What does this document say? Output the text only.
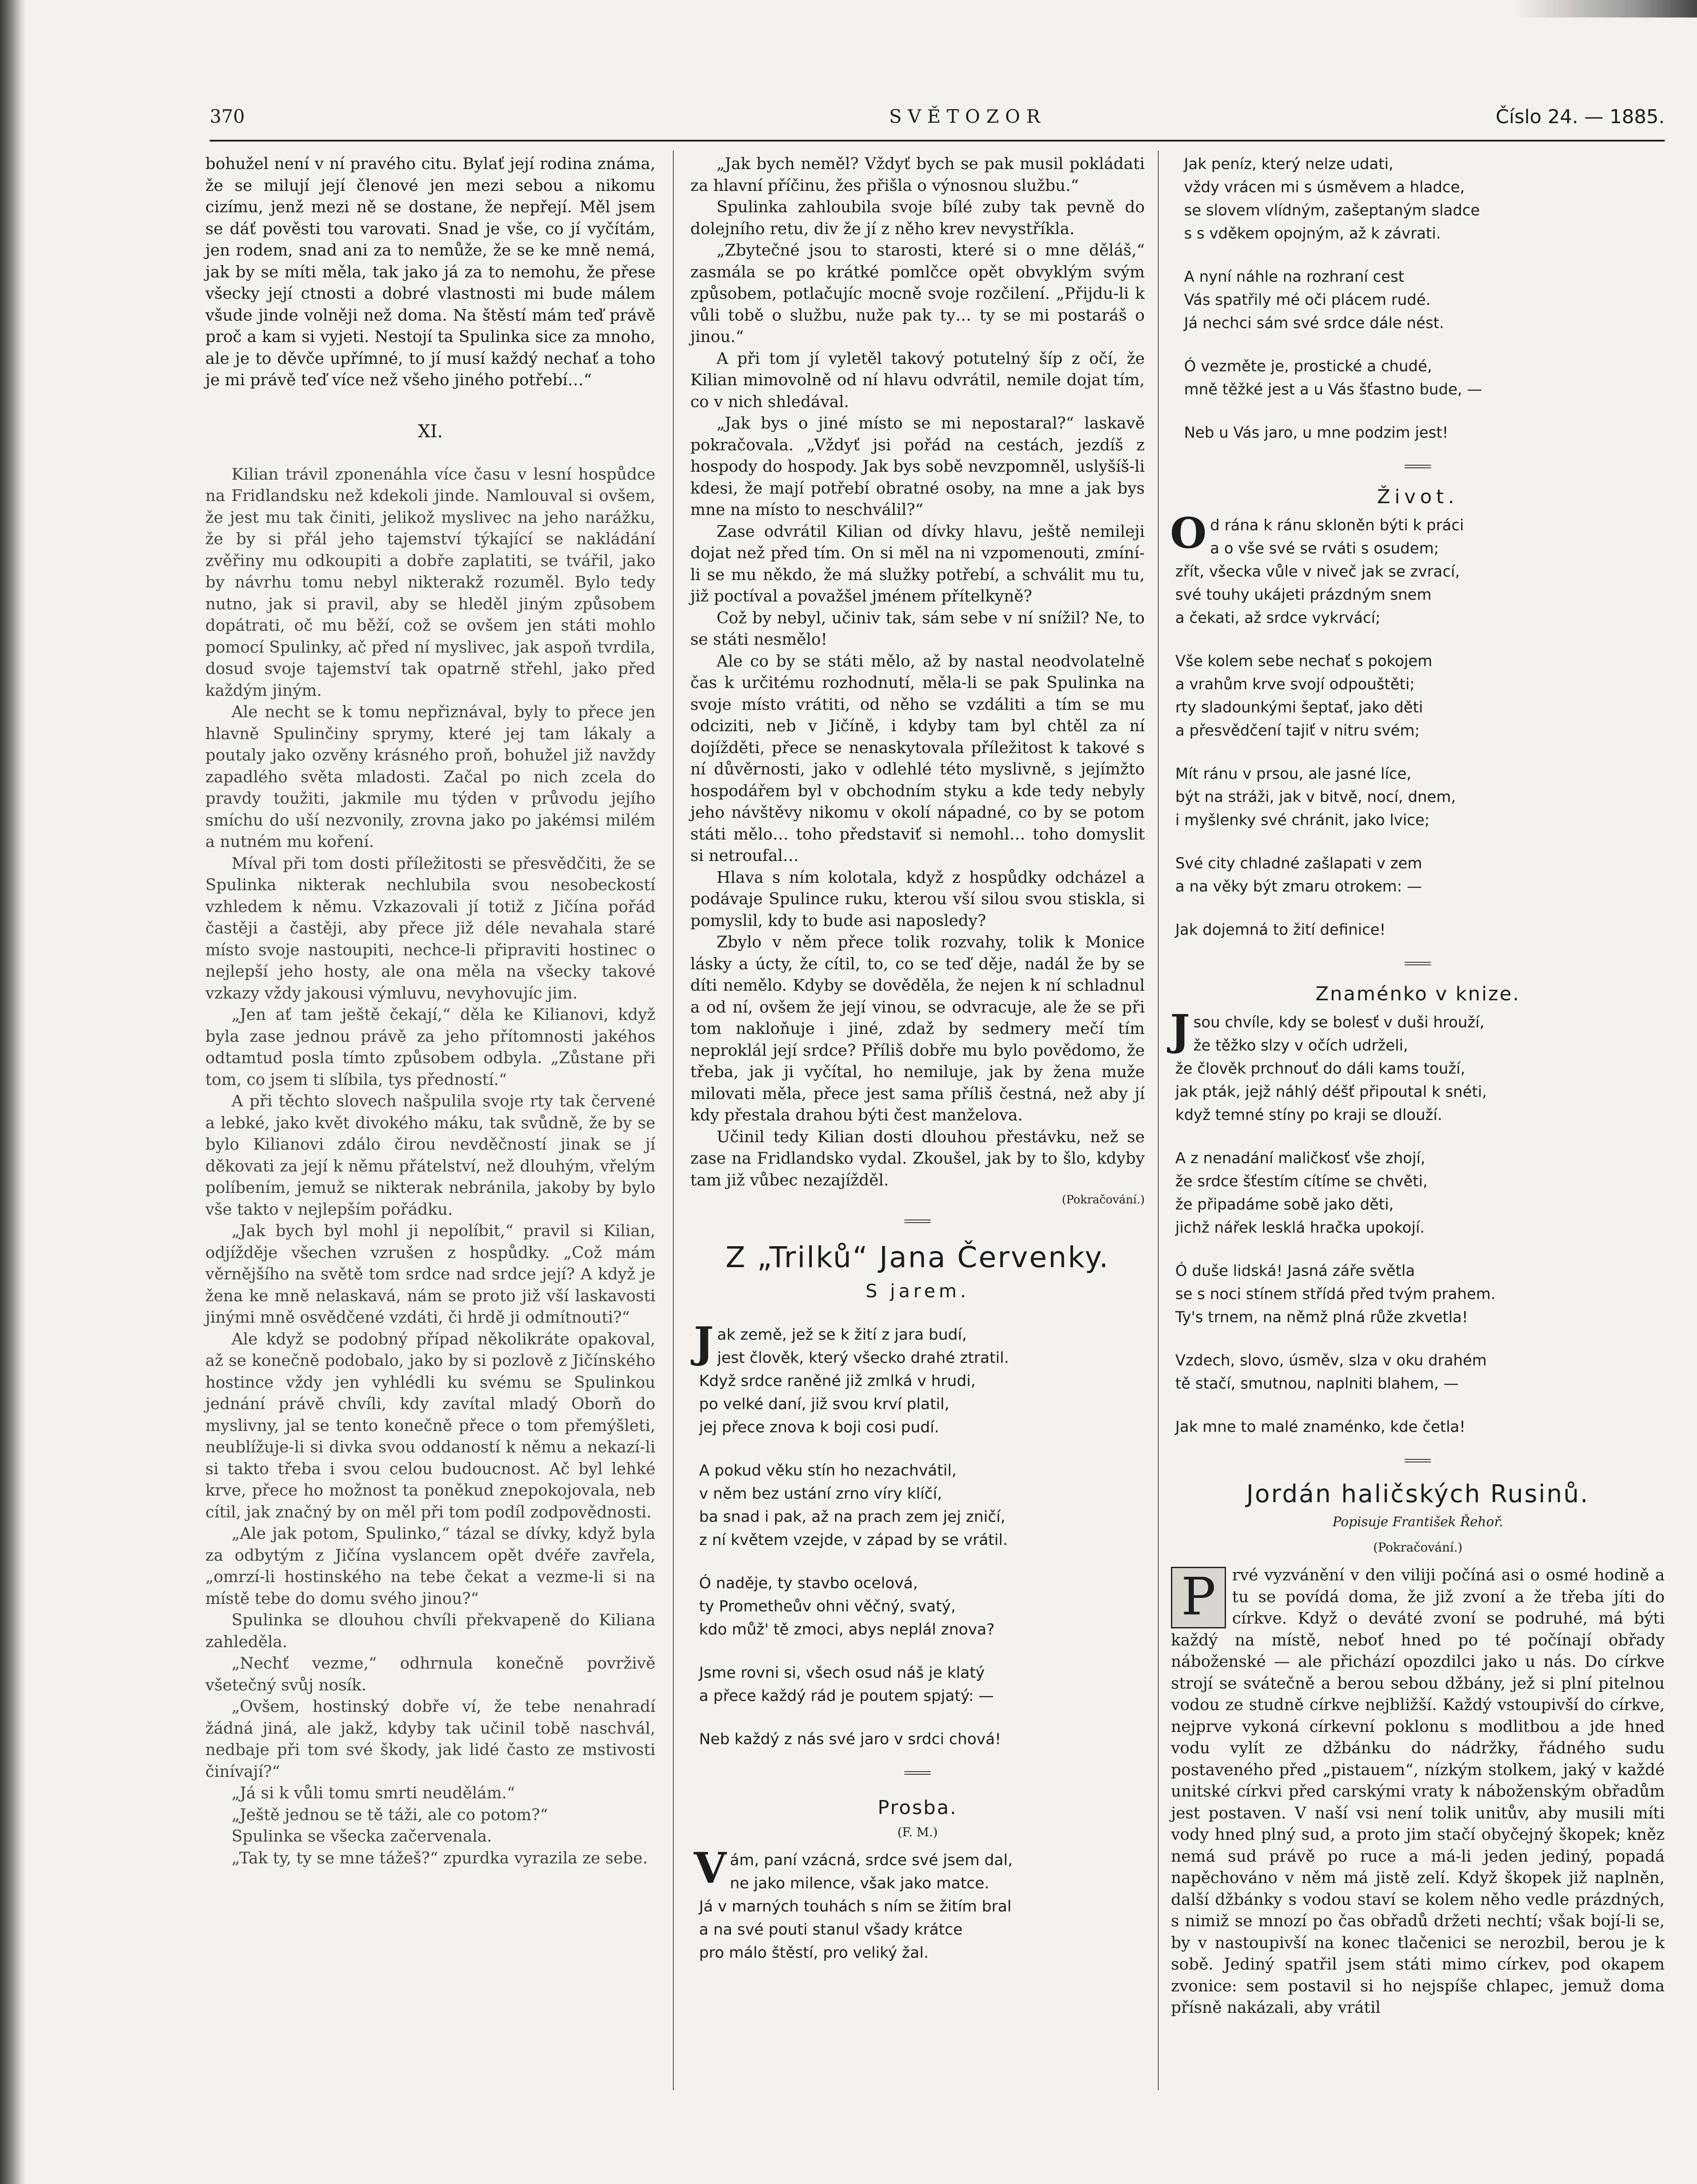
370	SVĚTOZOR	Číslo 24. — 1885.

bohužel není v ní pravého citu. Bylať její rodina známa, že se milují její členové jen mezi sebou a nikomu cizímu, jenž mezi ně se dostane, že nepřejí. Měl jsem se dáť pověsti tou varovati. Snad je vše, co jí vyčítám, jen rodem, snad ani za to nemůže, že se ke mně nemá, jak by se míti měla, tak jako já za to nemohu, že přese všecky její ctnosti a dobré vlastnosti mi bude málem všude jinde volněji než doma. Na štěstí mám teď právě proč a kam si vyjeti. Nestojí ta Spulinka sice za mnoho, ale je to děvče upřímné, to jí musí každý nechať a toho je mi právě teď více než všeho jiného potřebí…“

XI.

Kilian trávil zponenáhla více času v lesní hospůdce na Fridlandsku než kdekoli jinde. Namlouval si ovšem, že jest mu tak činiti, jelikož myslivec na jeho narážku, že by si přál jeho tajemství týkající se nakládání zvěřiny mu odkoupiti a dobře zaplatiti, se tvářil, jako by návrhu tomu nebyl nikterakž rozuměl. Bylo tedy nutno, jak si pravil, aby se hleděl jiným způsobem dopátrati, oč mu běží, což se ovšem jen státi mohlo pomocí Spulinky, ač před ní myslivec, jak aspoň tvrdila, dosud svoje tajemství tak opatrně střehl, jako před každým jiným.

Ale necht se k tomu nepřiznával, byly to přece jen hlavně Spulinčiny sprymy, které jej tam lákaly a poutaly jako ozvěny krásného proň, bohužel již navždy zapadlého světa mladosti. Začal po nich zcela do pravdy toužiti, jakmile mu týden v průvodu jejího smíchu do uší nezvonily, zrovna jako po jakémsi milém a nutném mu koření.

Míval při tom dosti příležitosti se přesvědčiti, že se Spulinka nikterak nechlubila svou nesobeckostí vzhledem k němu. Vzkazovali jí totiž z Jičína pořád častěji a častěji, aby přece již déle nevahala staré místo svoje nastoupiti, nechce-li připraviti hostinec o nejlepší jeho hosty, ale ona měla na všecky takové vzkazy vždy jakousi výmluvu, nevyhovujíc jim.

„Jen ať tam ještě čekají,“ děla ke Kilianovi, když byla zase jednou právě za jeho přítomnosti jakéhos odtamtud posla tímto způsobem odbyla. „Zůstane při tom, co jsem ti slíbila, tys předností.“

A při těchto slovech našpulila svoje rty tak červené a lebké, jako květ divokého máku, tak svůdně, že by se bylo Kilianovi zdálo čirou nevděčností jinak se jí děkovati za její k němu přátelství, než dlouhým, vřelým políbením, jemuž se nikterak nebránila, jakoby by bylo vše takto v nejlepším pořádku.

„Jak bych byl mohl ji nepolíbit,“ pravil si Kilian, odjížděje všechen vzrušen z hospůdky. „Což mám věrnějšího na světě tom srdce nad srdce její? A když je žena ke mně nelaskavá, nám se proto již vší laskavosti jinými mně osvědčené vzdáti, či hrdě ji odmítnouti?“

Ale když se podobný případ několikráte opakoval, až se konečně podobalo, jako by si pozlově z Jičínského hostince vždy jen vyhlédli ku svému se Spulinkou jednání právě chvíli, kdy zavítal mladý Oborň do myslivny, jal se tento konečně přece o tom přemýšleti, neublížuje-li si divka svou oddaností k němu a nekazí-li si takto třeba i svou celou budoucnost. Ač byl lehké krve, přece ho možnost ta poněkud znepokojovala, neb cítil, jak značný by on měl při tom podíl zodpovědnosti.

„Ale jak potom, Spulinko,“ tázal se dívky, když byla za odbytým z Jičína vyslancem opět dvéře zavřela, „omrzí-li hostinského na tebe čekat a vezme-li si na místě tebe do domu svého jinou?“

Spulinka se dlouhou chvíli překvapeně do Kiliana zahleděla.

„Nechť vezme,“ odhrnula konečně povrživě všetečný svůj nosík.

„Ovšem, hostinský dobře ví, že tebe nenahradí žádná jiná, ale jakž, kdyby tak učinil tobě naschvál, nedbaje při tom své škody, jak lidé často ze mstivosti činívají?“

„Já si k vůli tomu smrti neudělám.“

„Ještě jednou se tě táži, ale co potom?“

Spulinka se všecka začervenala.

„Tak ty, ty se mne tážeš?“ zpurdka vyrazila ze sebe.

„Jak bych neměl? Vždyť bych se pak musil pokládati za hlavní příčinu, žes přišla o výnosnou službu.“

Spulinka zahloubila svoje bílé zuby tak pevně do dolejního retu, div že jí z něho krev nevystříkla.

„Zbytečné jsou to starosti, které si o mne děláš,“ zasmála se po krátké pomlčce opět obvyklým svým způsobem, potlačujíc mocně svoje rozčilení. „Přijdu-li k vůli tobě o službu, nuže pak ty… ty se mi postaráš o jinou.“

A při tom jí vyletěl takový potutelný šíp z očí, že Kilian mimovolně od ní hlavu odvrátil, nemile dojat tím, co v nich shledával.

„Jak bys o jiné místo se mi nepostaral?“ laskavě pokračovala. „Vždyť jsi pořád na cestách, jezdíš z hospody do hospody. Jak bys sobě nevzpomněl, uslyšíš-li kdesi, že mají potřebí obratné osoby, na mne a jak bys mne na místo to neschválil?“

Zase odvrátil Kilian od dívky hlavu, ještě nemileji dojat než před tím. On si měl na ni vzpomenouti, zmíní-li se mu někdo, že má služky potřebí, a schválit mu tu, již poctíval a považšel jménem přítelkyně?

Což by nebyl, učiniv tak, sám sebe v ní snížil? Ne, to se státi nesmělo!

Ale co by se státi mělo, až by nastal neodvolatelně čas k určitému rozhodnutí, měla-li se pak Spulinka na svoje místo vrátiti, od něho se vzdáliti a tím se mu odciziti, neb v Jičíně, i kdyby tam byl chtěl za ní dojížděti, přece se nenaskytovala příležitost k takové s ní důvěrnosti, jako v odlehlé této myslivně, s jejímžto hospodářem byl v obchodním styku a kde tedy nebyly jeho návštěvy nikomu v okolí nápadné, co by se potom státi mělo… toho představiť si nemohl… toho domyslit si netroufal…

Hlava s ním kolotala, když z hospůdky odcházel a podávaje Spulince ruku, kterou vší silou svou stiskla, si pomyslil, kdy to bude asi naposledy?

Zbylo v něm přece tolik rozvahy, tolik k Monice lásky a úcty, že cítil, to, co se teď děje, nadál že by se díti nemělo. Kdyby se dověděla, že nejen k ní schladnul a od ní, ovšem že její vinou, se odvracuje, ale že se při tom nakloňuje i jiné, zdaž by sedmery mečí tím neproklál její srdce? Příliš dobře mu bylo povědomo, že třeba, jak ji vyčítal, ho nemiluje, jak by žena muže milovati měla, přece jest sama příliš čestná, než aby jí kdy přestala drahou býti čest manželova.

Učinil tedy Kilian dosti dlouhou přestávku, než se zase na Fridlandsko vydal. Zkoušel, jak by to šlo, kdyby tam již vůbec nezajížděl.

(Pokračování.)
Z „Trilků“ Jana Červenky.
S jarem.
J ak země, jež se k žití z jara budí,
jest člověk, který všecko drahé ztratil.
Když srdce raněné již zmlká v hrudi,
po velké daní, již svou krví platil,
jej přece znova k boji cosi pudí.
A pokud věku stín ho nezachvátil,
v něm bez ustání zrno víry klíčí,
ba snad i pak, až na prach zem jej zničí,
z ní květem vzejde, v západ by se vrátil.
Ó naděje, ty stavbo ocelová,
ty Prometheův ohni věčný, svatý,
kdo můž' tě zmoci, abys neplál znova?
Jsme rovni si, všech osud náš je klatý
a přece každý rád je poutem spjatý: —
Neb každý z nás své jaro v srdci chová!
Prosba.
(F. M.)
V ám, paní vzácná, srdce své jsem dal,
ne jako milence, však jako matce.
Já v marných touhách s ním se žitím bral
a na své pouti stanul všady krátce
pro málo štěstí, pro veliký žal.
Jak peníz, který nelze udati,
vždy vrácen mi s úsměvem a hladce,
se slovem vlídným, zašeptaným sladce
s s vděkem opojným, až k závrati.
A nyní náhle na rozhraní cest
Vás spatřily mé oči plácem rudé.
Já nechci sám své srdce dále nést.
Ó vezměte je, prostické a chudé,
mně těžké jest a u Vás šťastno bude, —
Neb u Vás jaro, u mne podzim jest!
Život.
O d rána k ránu skloněn býti k práci
a o vše své se rváti s osudem;
zřít, všecka vůle v niveč jak se zvrací,
své touhy ukájeti prázdným snem
a čekati, až srdce vykrvácí;
Vše kolem sebe nechať s pokojem
a vrahům krve svojí odpouštěti;
rty sladounkými šeptať, jako děti
a přesvědčení tajiť v nitru svém;
Mít ránu v prsou, ale jasné líce,
být na stráži, jak v bitvě, nocí, dnem,
i myšlenky své chránit, jako lvice;
Své city chladné zašlapati v zem
a na věky být zmaru otrokem: —
Jak dojemná to žití definice!
Znaménko v knize.
J sou chvíle, kdy se bolesť v duši hrouží,
že těžko slzy v očích udrželi,
že člověk prchnouť do dáli kams touží,
jak pták, jejž náhlý déšť připoutal k snéti,
když temné stíny po kraji se dlouží.
A z nenadání maličkosť vše zhojí,
že srdce šťestím cítíme se chvěti,
že připadáme sobě jako děti,
jichž nářek lesklá hračka upokojí.
Ó duše lidská! Jasná záře světla
se s noci stínem střídá před tvým prahem.
Ty's trnem, na němž plná růže zkvetla!
Vzdech, slovo, úsměv, slza v oku drahém
tě stačí, smutnou, naplniti blahem, —
Jak mne to malé znaménko, kde četla!
Jordán haličských Rusinů.
Popisuje František Řehoř.
(Pokračování.)
P	rvé vyzvánění v den viliji počíná asi o osmé hodině a tu se povídá doma, že již zvoní a že třeba jíti do církve. Když o deváté zvoní se podruhé, má býti každý na místě, neboť hned po té počínají obřady náboženské — ale přichází opozdilci jako u nás. Do církve strojí se svátečně a berou sebou džbány, jež si plní pitelnou vodou ze studně církve nejbližší. Každý vstoupivší do církve, nejprve vykoná církevní poklonu s modlitbou a jde hned vodu vylít ze džbánku do nádržky, řádného sudu postaveného před „pistauem“, nízkým stolkem, jaký v každé unitské církvi před carskými vraty k náboženským obřadům jest postaven. V naší vsi není tolik unitův, aby musili míti vody hned plný sud, a proto jim stačí obyčejný škopek; kněz nemá sud právě po ruce a má-li jeden jediný, popadá napěchováno v něm má jistě zelí. Když škopek již naplněn, další džbánky s vodou staví se kolem něho vedle prázdných, s nimiž se mnozí po čas obřadů držeti nechtí; však bojí-li se, by v nastoupivší na konec tlačenici se nerozbil, berou je k sobě. Jediný spatřil jsem státi mimo církev, pod okapem zvonice: sem postavil si ho nejspíše chlapec, jemuž doma přísně nakázali, aby vrátil
